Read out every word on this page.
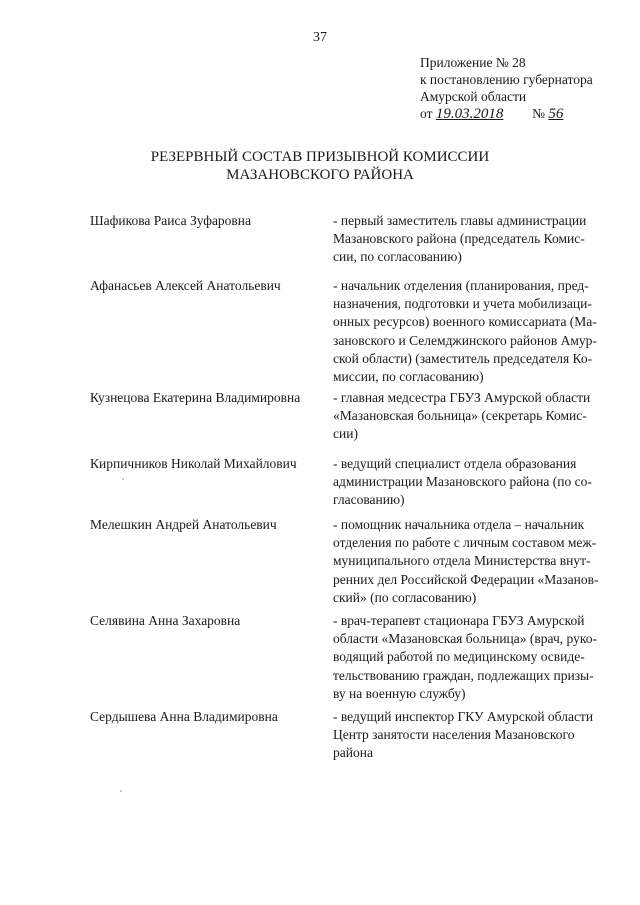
37
Приложение № 28
к постановлению губернатора
Амурской области
от 19.03.2018 № 56
РЕЗЕРВНЫЙ СОСТАВ ПРИЗЫВНОЙ КОМИССИИ
МАЗАНОВСКОГО РАЙОНА
Шафикова Раиса Зуфаровна	- первый заместитель главы администрации
Мазановского района (председатель Комис-
сии, по согласованию)
Афанасьев Алексей Анатольевич	- начальник отделения (планирования, пред-
назначения, подготовки и учета мобилизаци-
онных ресурсов) военного комиссариата (Ма-
зановского и Селемджинского районов Амур-
ской области) (заместитель председателя Ко-
миссии, по согласованию)
Кузнецова Екатерина Владимировна	- главная медсестра ГБУЗ Амурской области
«Мазановская больница» (секретарь Комис-
сии)
Кирпичников Николай Михайлович	- ведущий специалист отдела образования
администрации Мазановского района (по со-
гласованию)
Мелешкин Андрей Анатольевич	- помощник начальника отдела – начальник
отделения по работе с личным составом меж-
муниципального отдела Министерства внут-
ренних дел Российской Федерации «Мазанов-
ский» (по согласованию)
Селявина Анна Захаровна	- врач-терапевт стационара ГБУЗ Амурской
области «Мазановская больница» (врач, руко-
водящий работой по медицинскому освиде-
тельствованию граждан, подлежащих призы-
ву на военную службу)
Сердышева Анна Владимировна	- ведущий инспектор ГКУ Амурской области
Центр занятости населения Мазановского
района
